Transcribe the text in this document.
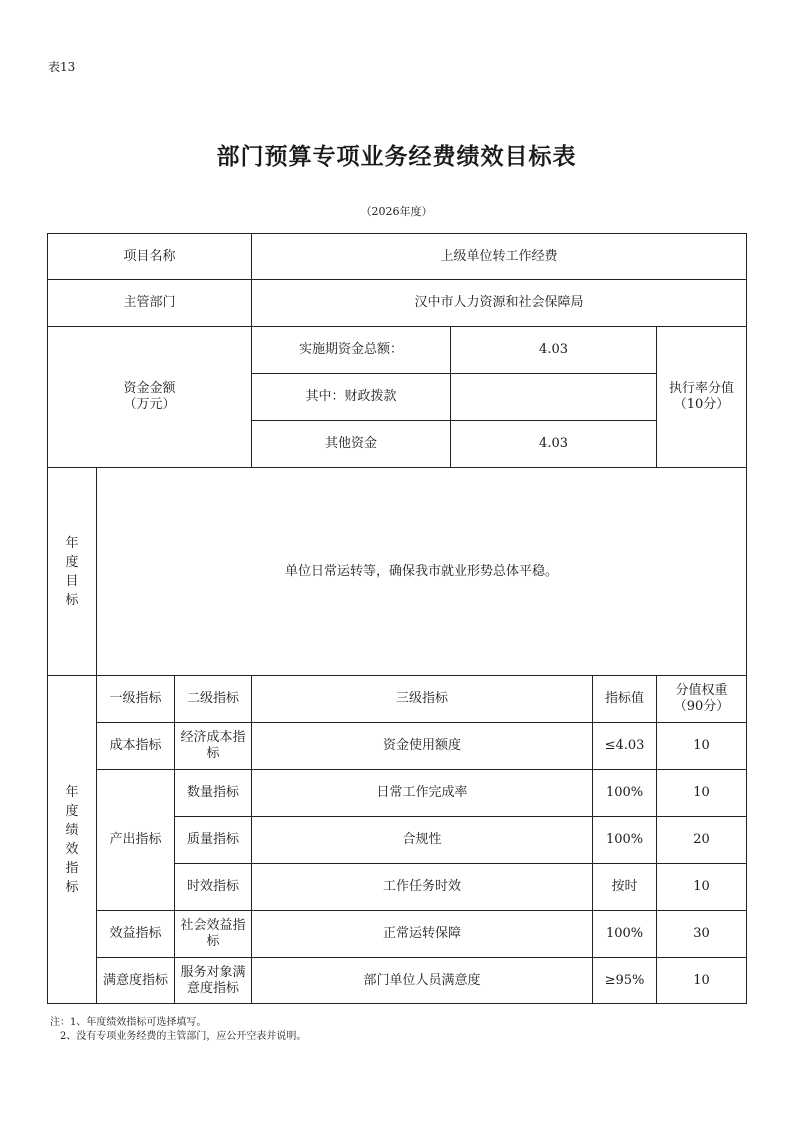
表13
部门预算专项业务经费绩效目标表
（2026年度）
项目名称			上级单位转工作经费			
主管部门			汉中市人力资源和社会保障局			
资金金额
（万元）			实施期资金总额：	4.03		执行率分值
（10分）
			其中：财政拨款			
			其他资金	4.03		
年度目标	单位日常运转等，确保我市就业形势总体平稳。					
年度绩效指标	一级指标	二级指标	三级指标		指标值	分值权重
（90分）
	成本指标	经济成本指标	资金使用额度		≤4.03	10
	产出指标	数量指标	日常工作完成率		100%	10
		质量指标	合规性		100%	20
		时效指标	工作任务时效		按时	10
	效益指标	社会效益指标	正常运转保障		100%	30
	满意度指标	服务对象满意度指标	部门单位人员满意度		≥95%	10
注：1、年度绩效指标可选择填写。
2、没有专项业务经费的主管部门，应公开空表并说明。
